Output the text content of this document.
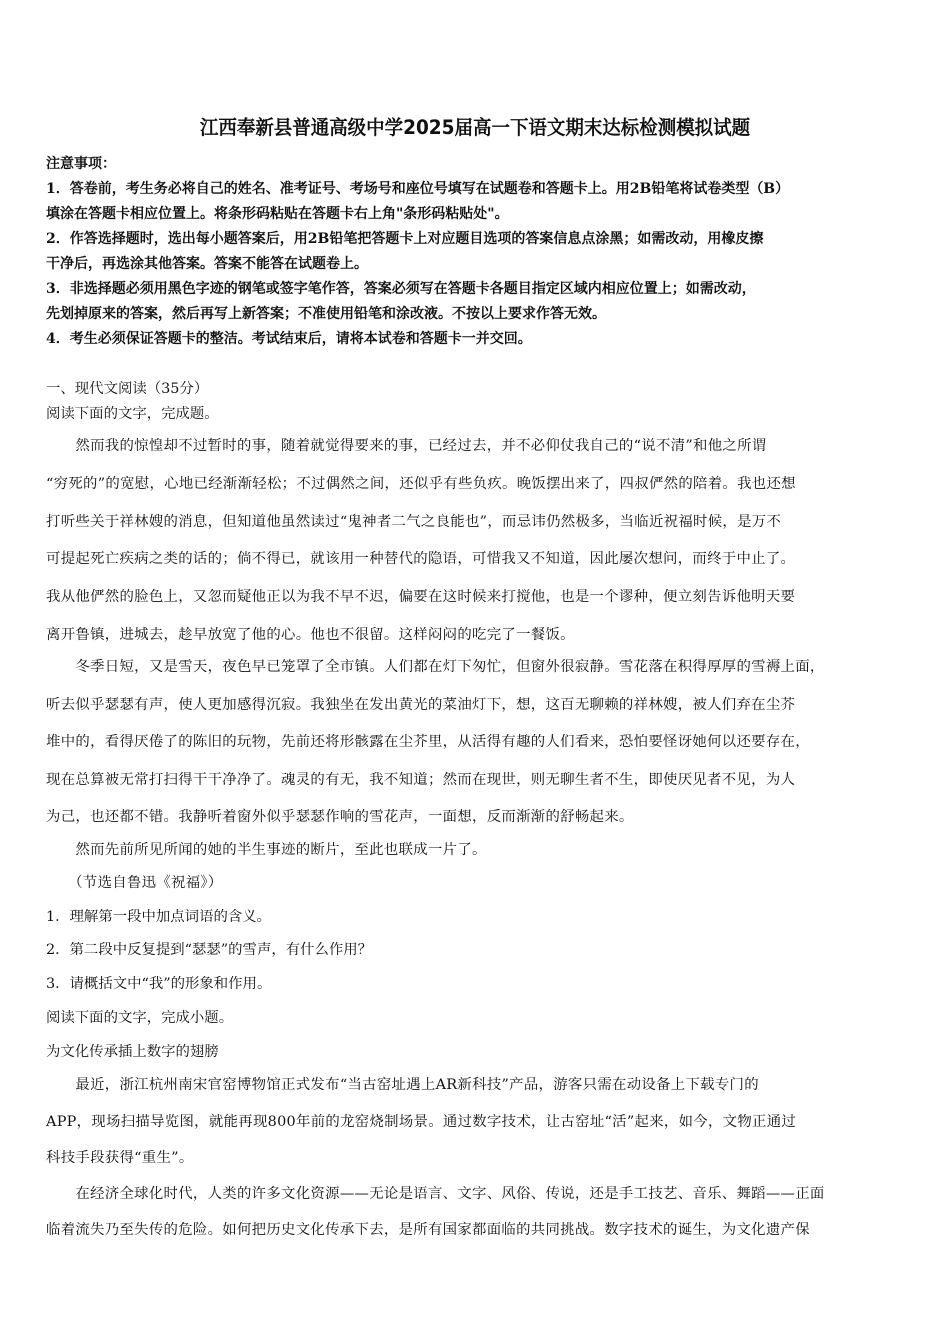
江西奉新县普通高级中学2025届高一下语文期末达标检测模拟试题
注意事项：
1．答卷前，考生务必将自己的姓名、准考证号、考场号和座位号填写在试题卷和答题卡上。用2B铅笔将试卷类型（B）
填涂在答题卡相应位置上。将条形码粘贴在答题卡右上角"条形码粘贴处"。
2．作答选择题时，选出每小题答案后，用2B铅笔把答题卡上对应题目选项的答案信息点涂黑；如需改动，用橡皮擦
干净后，再选涂其他答案。答案不能答在试题卷上。
3．非选择题必须用黑色字迹的钢笔或签字笔作答，答案必须写在答题卡各题目指定区域内相应位置上；如需改动，
先划掉原来的答案，然后再写上新答案；不准使用铅笔和涂改液。不按以上要求作答无效。
4．考生必须保证答题卡的整洁。考试结束后，请将本试卷和答题卡一并交回。
一、现代文阅读（35分）
阅读下面的文字，完成题。
　　然而我的惊惶却不过暂时的事，随着就觉得要来的事，已经过去，并不必仰仗我自己的“说不清”和他之所谓
“穷死的”的宽慰，心地已经渐渐轻松；不过偶然之间，还似乎有些负疚。晚饭摆出来了，四叔俨然的陪着。我也还想
打听些关于祥林嫂的消息，但知道他虽然读过“鬼神者二气之良能也”，而忌讳仍然极多，当临近祝福时候，是万不
可提起死亡疾病之类的话的；倘不得已，就该用一种替代的隐语，可惜我又不知道，因此屡次想问，而终于中止了。
我从他俨然的脸色上，又忽而疑他正以为我不早不迟，偏要在这时候来打搅他，也是一个谬种，便立刻告诉他明天要
离开鲁镇，进城去，趁早放宽了他的心。他也不很留。这样闷闷的吃完了一餐饭。
　　冬季日短，又是雪天，夜色早已笼罩了全市镇。人们都在灯下匆忙，但窗外很寂静。雪花落在积得厚厚的雪褥上面，
听去似乎瑟瑟有声，使人更加感得沉寂。我独坐在发出黄光的菜油灯下，想，这百无聊赖的祥林嫂，被人们弃在尘芥
堆中的，看得厌倦了的陈旧的玩物，先前还将形骸露在尘芥里，从活得有趣的人们看来，恐怕要怪讶她何以还要存在，
现在总算被无常打扫得干干净净了。魂灵的有无，我不知道；然而在现世，则无聊生者不生，即使厌见者不见，为人
为己，也还都不错。我静听着窗外似乎瑟瑟作响的雪花声，一面想，反而渐渐的舒畅起来。
　　然而先前所见所闻的她的半生事迹的断片，至此也联成一片了。
　　（节选自鲁迅《祝福》）
1．理解第一段中加点词语的含义。
2．第二段中反复提到“瑟瑟”的雪声，有什么作用？
3．请概括文中“我”的形象和作用。
阅读下面的文字，完成小题。
为文化传承插上数字的翅膀
　　最近，浙江杭州南宋官窑博物馆正式发布“当古窑址遇上AR新科技”产品，游客只需在动设备上下载专门的
APP，现场扫描导览图，就能再现800年前的龙窑烧制场景。通过数字技术，让古窑址“活”起来，如今，文物正通过
科技手段获得“重生”。
　　在经济全球化时代，人类的许多文化资源——无论是语言、文字、风俗、传说，还是手工技艺、音乐、舞蹈——正面
临着流失乃至失传的危险。如何把历史文化传承下去，是所有国家都面临的共同挑战。数字技术的诞生，为文化遗产保
